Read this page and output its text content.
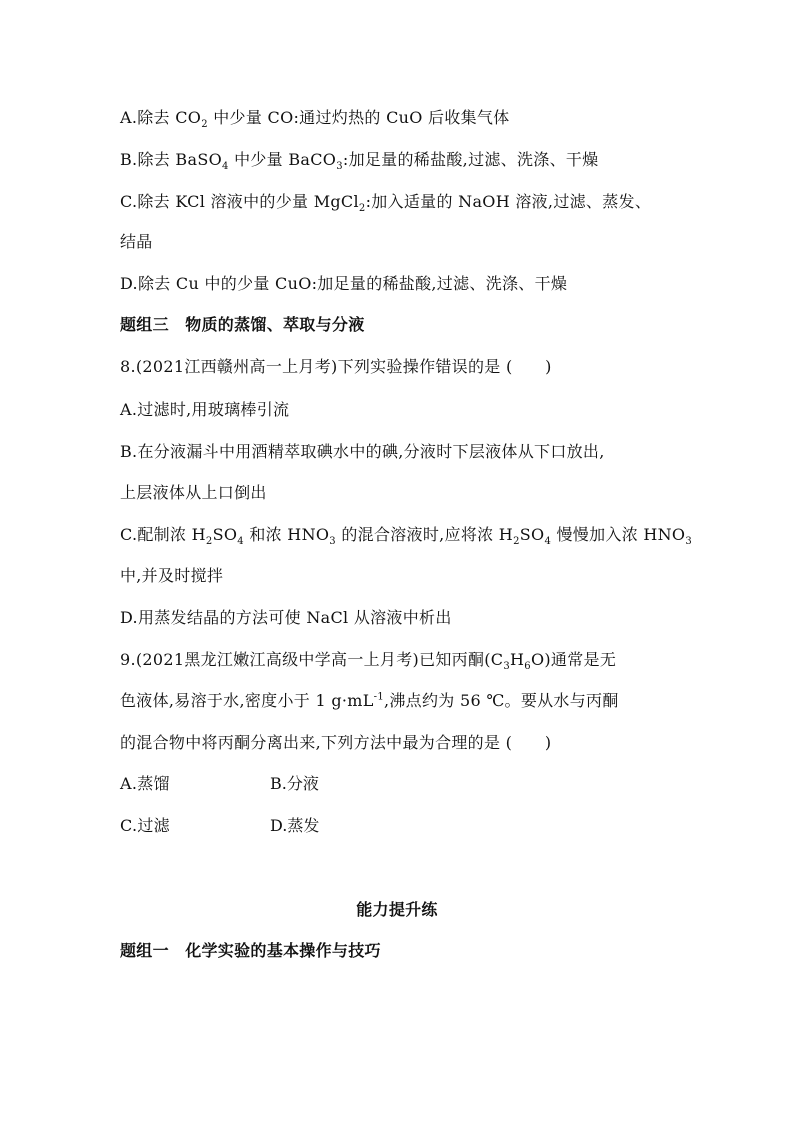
A.除去 $CO_2$ 中少量 CO:通过灼热的 CuO 后收集气体
B.除去 BaSO$_4$ 中少量 BaCO$_3$:加足量的稀盐酸,过滤、洗涤、干燥
C.除去 KCl 溶液中的少量 MgCl$_2$:加入适量的 NaOH 溶液,过滤、蒸发、
结晶
D.除去 Cu 中的少量 CuO:加足量的稀盐酸,过滤、洗涤、干燥
题组三　物质的蒸馏、萃取与分液
8.(2021江西赣州高一上月考)下列实验操作错误的是 (　　)
A.过滤时,用玻璃棒引流
B.在分液漏斗中用酒精萃取碘水中的碘,分液时下层液体从下口放出,
上层液体从上口倒出
C.配制浓 $H_2SO_4$ 和浓 $HNO_3$ 的混合溶液时,应将浓 $H_2SO_4$ 慢慢加入浓 $HNO_3$
中,并及时搅拌
D.用蒸发结晶的方法可使 NaCl 从溶液中析出
9.(2021黑龙江嫩江高级中学高一上月考)已知丙酮$(C_3H_6O)$通常是无
色液体,易溶于水,密度小于 1 $g\cdot mL^{-1}$,沸点约为 56 ℃。要从水与丙酮
的混合物中将丙酮分离出来,下列方法中最为合理的是 (　　)
A.蒸馏	B.分液
C.过滤	D.蒸发
能力提升练
题组一　化学实验的基本操作与技巧
